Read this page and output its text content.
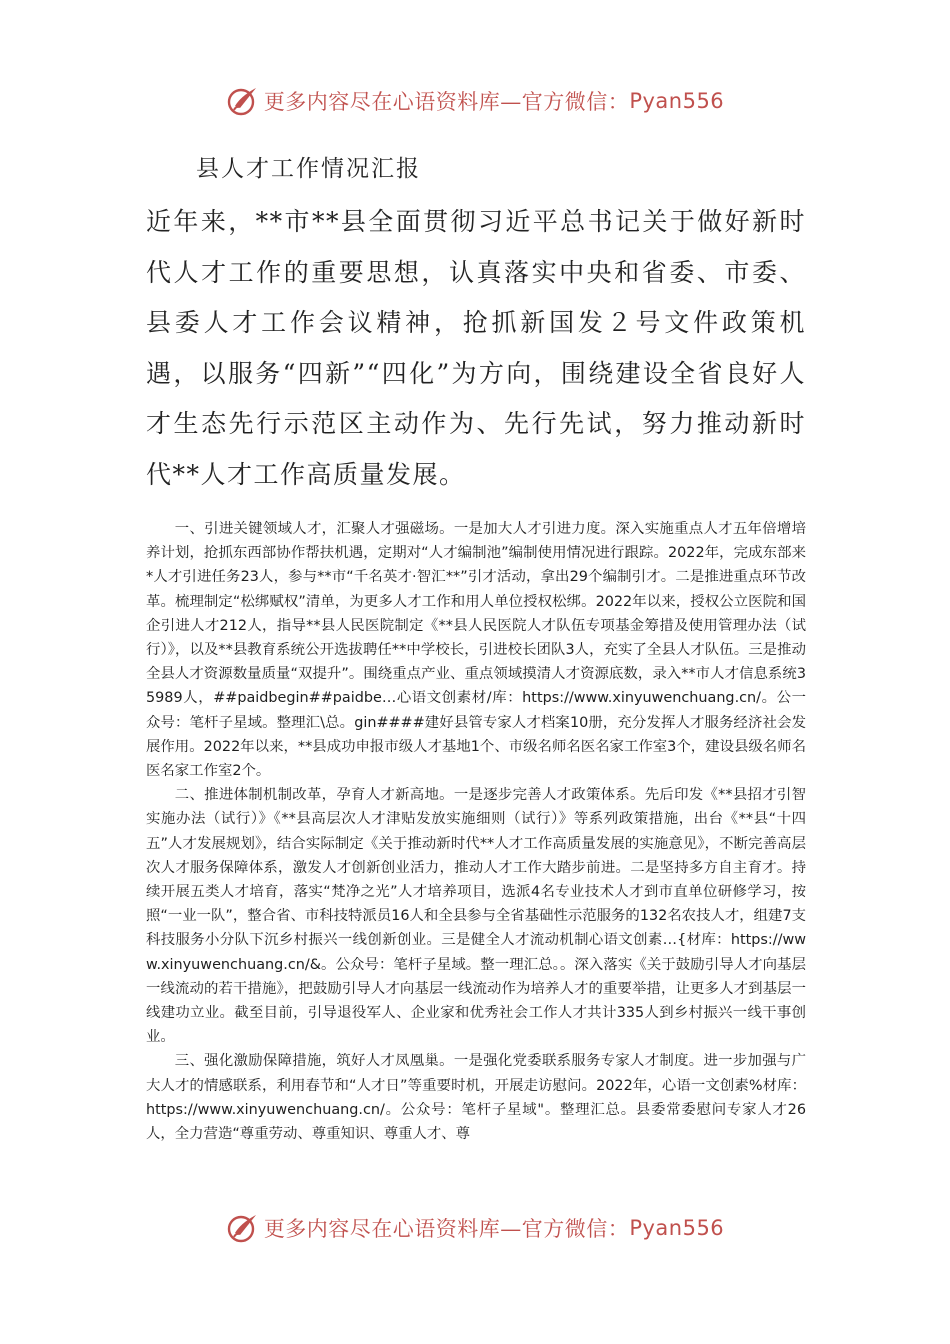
更多内容尽在心语资料库—官方微信： Pyan556
县人才工作情况汇报

近年来，**市**县全面贯彻习近平总书记关于做好新时代人才工作的重要思想，认真落实中央和省委、市委、县委人才工作会议精神，抢抓新国发２号文件政策机遇，以服务“四新”“四化”为方向，围绕建设全省良好人才生态先行示范区主动作为、先行先试，努力推动新时代**人才工作高质量发展。

一、引进关键领域人才，汇聚人才强磁场。一是加大人才引进力度。深入实施重点人才五年倍增培养计划，抢抓东西部协作帮扶机遇，定期对“人才编制池”编制使用情况进行跟踪。2022年，完成东部来*人才引进任务23人，参与**市“千名英才·智汇**”引才活动，拿出29个编制引才。二是推进重点环节改革。梳理制定“松绑赋权”清单，为更多人才工作和用人单位授权松绑。2022年以来，授权公立医院和国企引进人才212人，指导**县人民医院制定《**县人民医院人才队伍专项基金筹措及使用管理办法（试行）》，以及**县教育系统公开选拔聘任**中学校长，引进校长团队3人，充实了全县人才队伍。三是推动全县人才资源数量质量“双提升”。围绕重点产业、重点领域摸清人才资源底数，录入**市人才信息系统35989人，##paidbegin##paidbe…心语文创素材/库：https://www.xinyuwenchuang.cn/。公一众号：笔杆子星域。整理汇\总。gin####建好县管专家人才档案10册，充分发挥人才服务经济社会发展作用。2022年以来，**县成功申报市级人才基地1个、市级名师名医名家工作室3个，建设县级名师名医名家工作室2个。

二、推进体制机制改革，孕育人才新高地。一是逐步完善人才政策体系。先后印发《**县招才引智实施办法（试行）》《**县高层次人才津贴发放实施细则（试行）》等系列政策措施，出台《**县“十四五”人才发展规划》，结合实际制定《关于推动新时代**人才工作高质量发展的实施意见》，不断完善高层次人才服务保障体系，激发人才创新创业活力，推动人才工作大踏步前进。二是坚持多方自主育才。持续开展五类人才培育，落实“梵净之光”人才培养项目，选派4名专业技术人才到市直单位研修学习，按照“一业一队”，整合省、市科技特派员16人和全县参与全省基础性示范服务的132名农技人才，组建7支科技服务小分队下沉乡村振兴一线创新创业。三是健全人才流动机制心语文创素…{材库：https://www.xinyuwenchuang.cn/&。公众号：笔杆子星域。整一理汇总。。深入落实《关于鼓励引导人才向基层一线流动的若干措施》，把鼓励引导人才向基层一线流动作为培养人才的重要举措，让更多人才到基层一线建功立业。截至目前，引导退役军人、企业家和优秀社会工作人才共计335人到乡村振兴一线干事创业。

三、强化激励保障措施，筑好人才凤凰巢。一是强化党委联系服务专家人才制度。进一步加强与广大人才的情感联系，利用春节和“人才日”等重要时机，开展走访慰问。2022年，心语一文创素%材库：https://www.xinyuwenchuang.cn/。公众号：笔杆子星域"。整理汇总。县委常委慰问专家人才26人，全力营造“尊重劳动、尊重知识、尊重人才、尊

更多内容尽在心语资料库—官方微信： Pyan556
